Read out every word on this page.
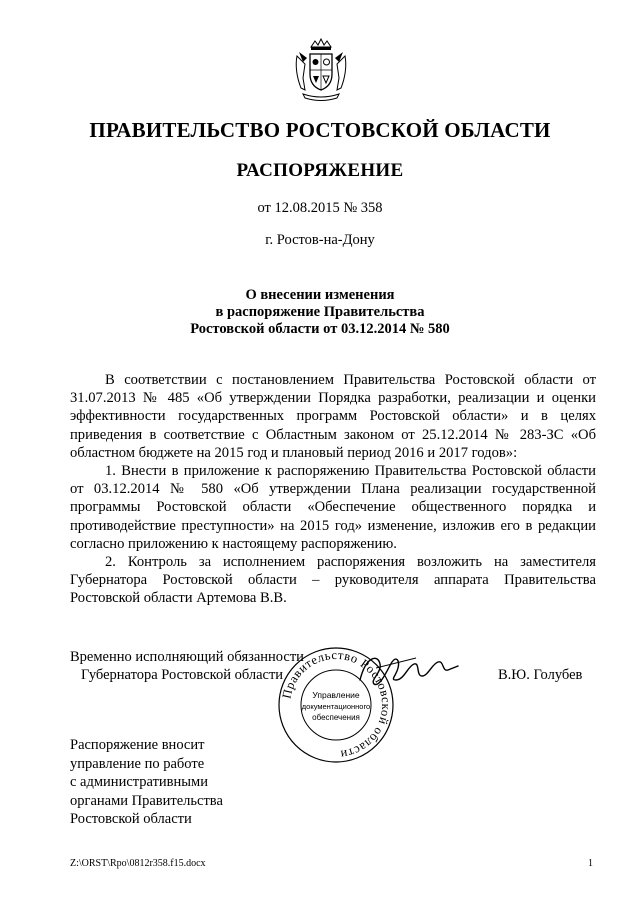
ПРАВИТЕЛЬСТВО РОСТОВСКОЙ ОБЛАСТИ
РАСПОРЯЖЕНИЕ
от 12.08.2015 № 358
г. Ростов-на-Дону
О внесении изменения
в распоряжение Правительства
Ростовской области от 03.12.2014 № 580

В соответствии с постановлением Правительства Ростовской области от 31.07.2013 № 485 «Об утверждении Порядка разработки, реализации и оценки эффективности государственных программ Ростовской области» и в целях приведения в соответствие с Областным законом от 25.12.2014 № 283-ЗС «Об областном бюджете на 2015 год и плановый период 2016 и 2017 годов»:

1. Внести в приложение к распоряжению Правительства Ростовской области от 03.12.2014 № 580 «Об утверждении Плана реализации государственной программы Ростовской области «Обеспечение общественного порядка и противодействие преступности» на 2015 год» изменение, изложив его в редакции согласно приложению к настоящему распоряжению.

2. Контроль за исполнением распоряжения возложить на заместителя Губернатора Ростовской области – руководителя аппарата Правительства Ростовской области Артемова В.В.

Временно исполняющий обязанности
Губернатора Ростовской области	В.Ю. Голубев
Правительство Ростовской области
Управление
документационного
обеспечения
Распоряжение вносит
управление по работе
с административными
органами Правительства
Ростовской области
Z:\ORST\Rpo\0812r358.f15.docx	1
